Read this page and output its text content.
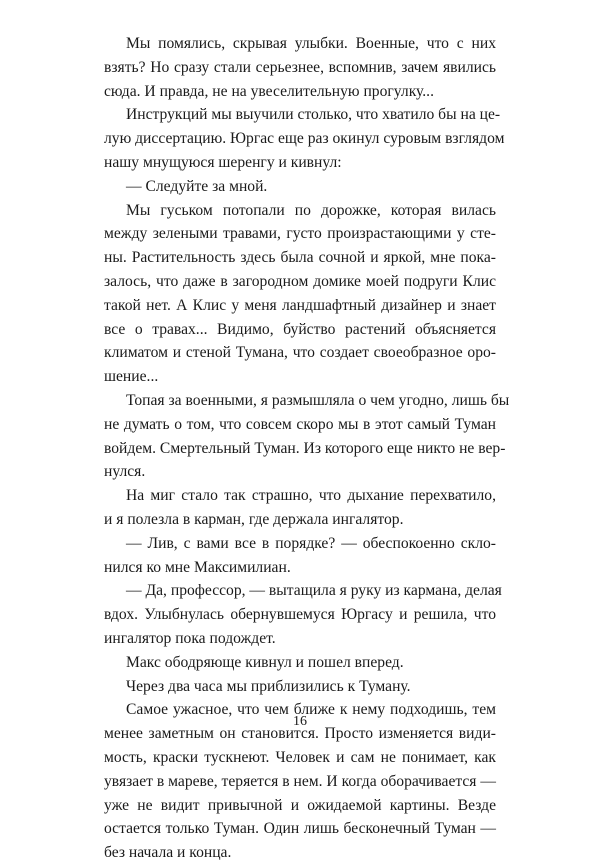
Мы помялись, скрывая улыбки. Военные, что с них
взять? Но сразу стали серьезнее, вспомнив, зачем явились
сюда. И правда, не на увеселительную прогулку...
Инструкций мы выучили столько, что хватило бы на це-
лую диссертацию. Юргас еще раз окинул суровым взглядом
нашу мнущуюся шеренгу и кивнул:
— Следуйте за мной.
Мы гуськом потопали по дорожке, которая вилась
между зелеными травами, густо произрастающими у сте-
ны. Растительность здесь была сочной и яркой, мне пока-
залось, что даже в загородном домике моей подруги Клис
такой нет. А Клис у меня ландшафтный дизайнер и знает
все о травах... Видимо, буйство растений объясняется
климатом и стеной Тумана, что создает своеобразное оро-
шение...
Топая за военными, я размышляла о чем угодно, лишь бы
не думать о том, что совсем скоро мы в этот самый Туман
войдем. Смертельный Туман. Из которого еще никто не вер-
нулся.
На миг стало так страшно, что дыхание перехватило,
и я полезла в карман, где держала ингалятор.
— Лив, с вами все в порядке? — обеспокоенно скло-
нился ко мне Максимилиан.
— Да, профессор, — вытащила я руку из кармана, делая
вдох. Улыбнулась обернувшемуся Юргасу и решила, что
ингалятор пока подождет.
Макс ободряюще кивнул и пошел вперед.
Через два часа мы приблизились к Туману.
Самое ужасное, что чем ближе к нему подходишь, тем
менее заметным он становится. Просто изменяется види-
мость, краски тускнеют. Человек и сам не понимает, как
увязает в мареве, теряется в нем. И когда оборачивается —
уже не видит привычной и ожидаемой картины. Везде
остается только Туман. Один лишь бесконечный Туман —
без начала и конца.
16
